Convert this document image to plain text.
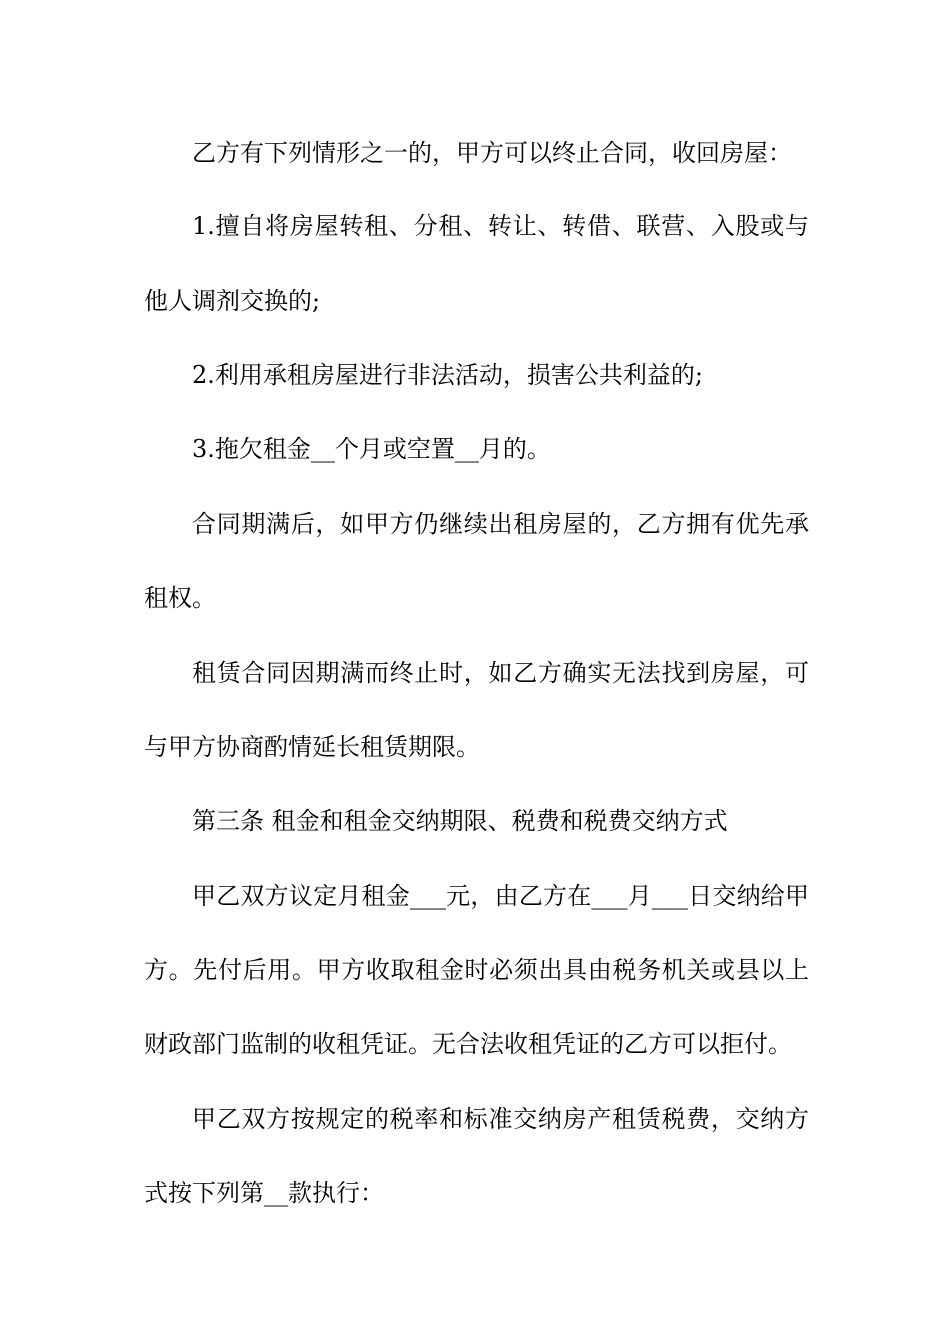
乙方有下列情形之一的，甲方可以终止合同，收回房屋：
1.擅自将房屋转租、分租、转让、转借、联营、入股或与
他人调剂交换的;
2.利用承租房屋进行非法活动，损害公共利益的;
3.拖欠租金__个月或空置__月的。
合同期满后，如甲方仍继续出租房屋的，乙方拥有优先承
租权。
租赁合同因期满而终止时，如乙方确实无法找到房屋，可
与甲方协商酌情延长租赁期限。
第三条 租金和租金交纳期限、税费和税费交纳方式
甲乙双方议定月租金___元，由乙方在___月___日交纳给甲
方。先付后用。甲方收取租金时必须出具由税务机关或县以上
财政部门监制的收租凭证。无合法收租凭证的乙方可以拒付。
甲乙双方按规定的税率和标准交纳房产租赁税费，交纳方
式按下列第__款执行：
